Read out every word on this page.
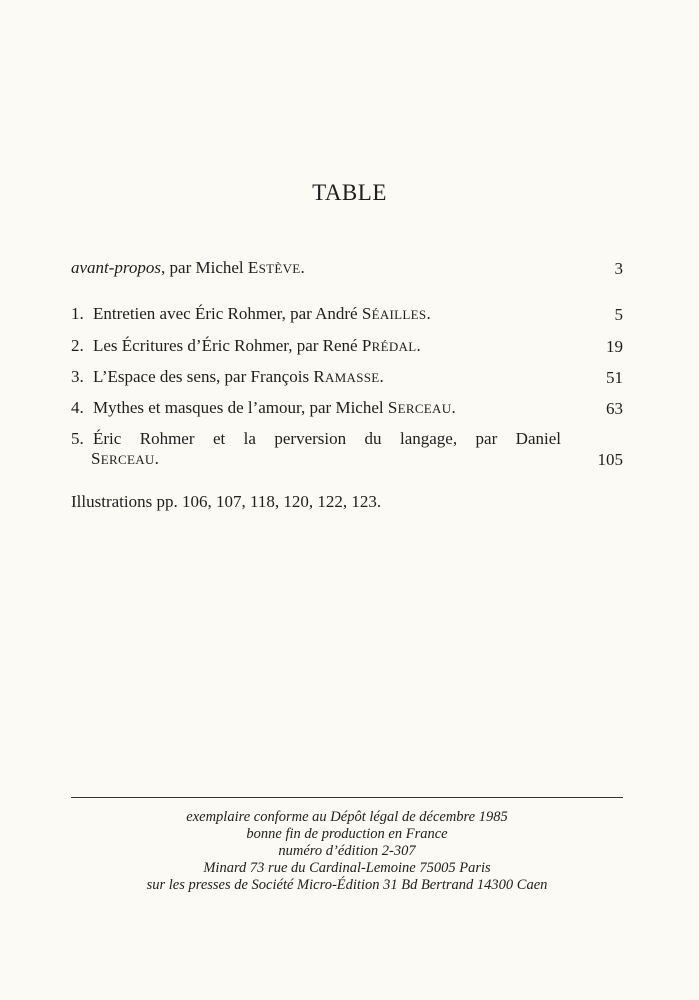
TABLE
avant-propos, par Michel ESTÈVE.	3
1. Entretien avec Éric Rohmer, par André SÉAILLES.	5
2. Les Écritures d’Éric Rohmer, par René PRÉDAL.	19
3. L’Espace des sens, par François RAMASSE.	51
4. Mythes et masques de l’amour, par Michel SERCEAU.	63
5. Éric Rohmer et la perversion du langage, par Daniel
SERCEAU.	105
Illustrations pp. 106, 107, 118, 120, 122, 123.
exemplaire conforme au Dépôt légal de décembre 1985
bonne fin de production en France
numéro d’édition 2-307
Minard 73 rue du Cardinal-Lemoine 75005 Paris
sur les presses de Société Micro-Édition 31 Bd Bertrand 14300 Caen
